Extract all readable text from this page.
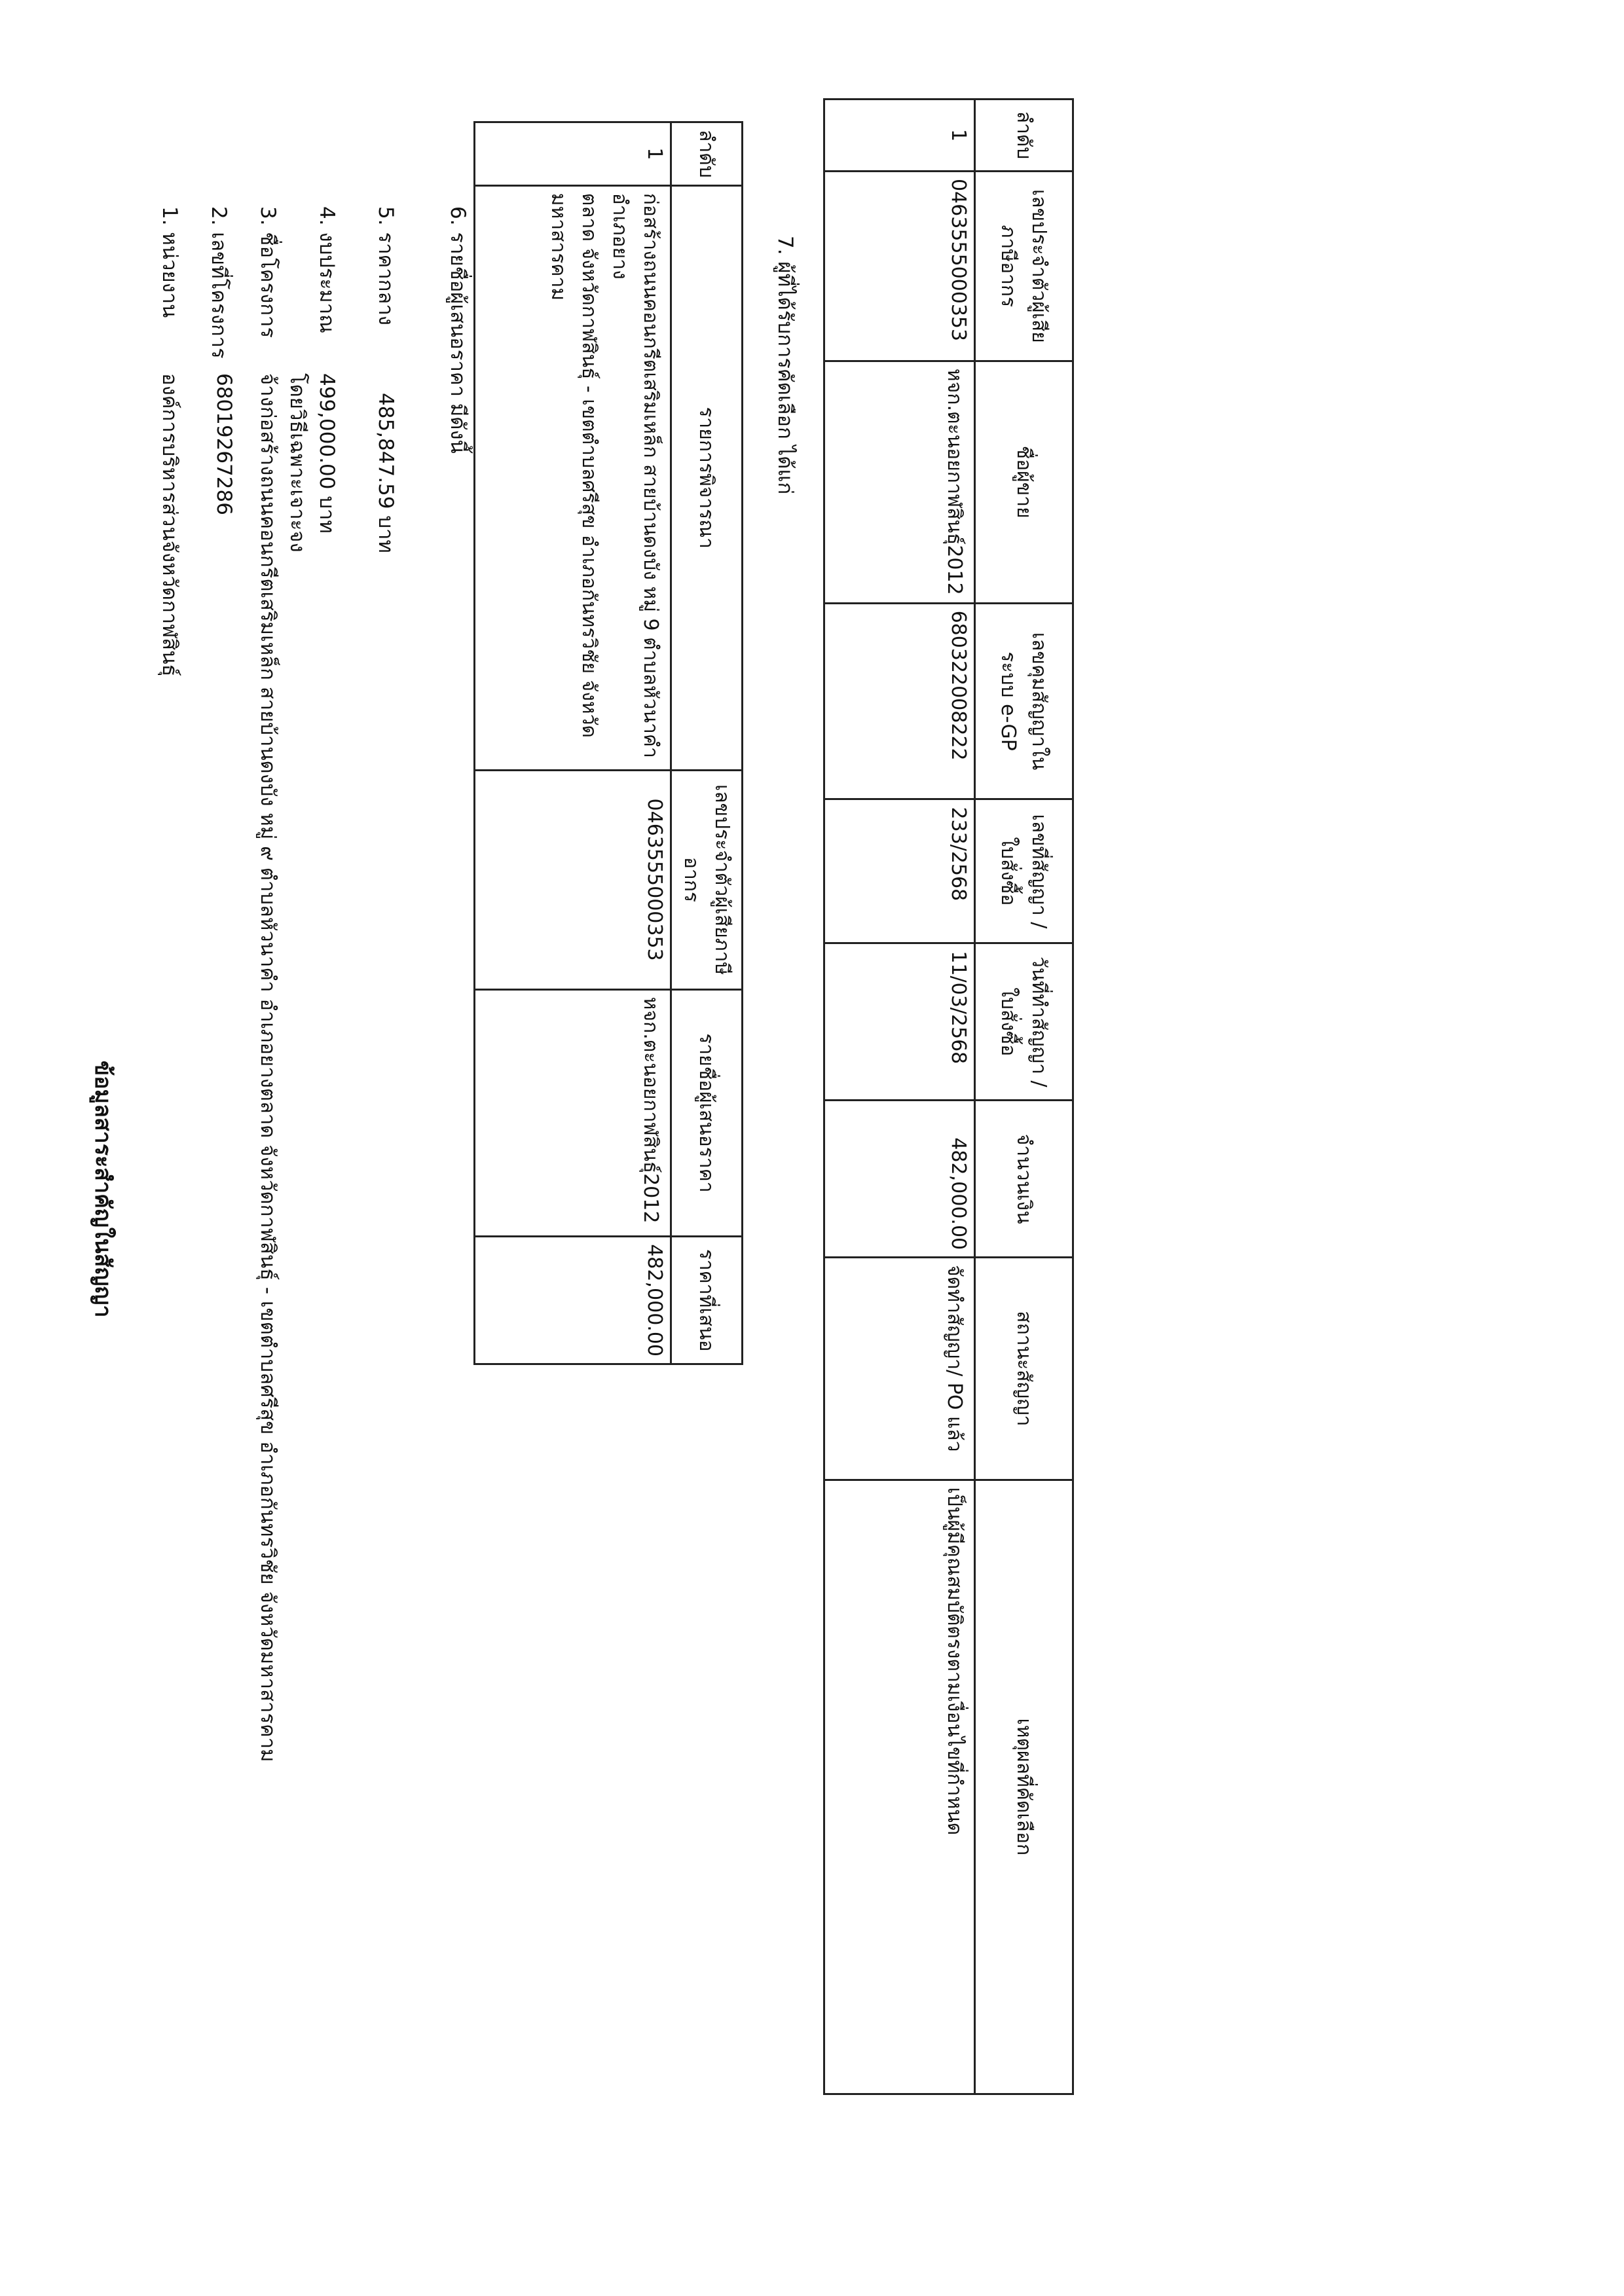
ข้อมูลสาระสำคัญในสัญญา
1. หน่วยงาน
องค์การบริหารส่วนจังหวัดกาฬสินธุ์
2. เลขที่โครงการ
68019267286
3. ชื่อโครงการ
จ้างก่อสร้างถนนคอนกรีตเสริมเหล็ก สายบ้านดงบัง หมู่ ๙ ตำบลหัวนาคำ อำเภอยางตลาด จังหวัดกาฬสินธุ์ - เขตตำบลศรีสุข อำเภอกันทรวิชัย จังหวัดมหาสารคาม โดยวิธีเฉพาะเจาะจง
4. งบประมาณ
499,000.00 บาท
5. ราคากลาง
485,847.59 บาท
6. รายชื่อผู้เสนอราคา มีดังนี้
ลำดับ	รายการพิจารณา	เลขประจำตัวผู้เสียภาษีอากร	รายชื่อผู้เสนอราคา	ราคาที่เสนอ
1	ก่อสร้างถนนคอนกรีตเสริมเหล็ก สายบ้านดงบัง หมู่ 9 ตำบลหัวนาคำ อำเภอยาง
ตลาด จังหวัดกาฬสินธุ์ - เขตตำบลศรีสุข อำเภอกันทรวิชัย จังหวัดมหาสารคาม	0463555000353	หจก.ตะนอยกาฬสินธุ์2012	482,000.00
7. ผู้ที่ได้รับการคัดเลือก ได้แก่
ลำดับ	เลขประจำตัวผู้เสียภาษีอากร	ชื่อผู้ขาย	เลขคุมสัญญาในระบบ e-GP	เลขที่สัญญา / ใบสั่งซื้อ	วันที่ทำสัญญา / ใบสั่งซื้อ	จำนวนเงิน	สถานะสัญญา	เหตุผลที่คัดเลือก
1	0463555000353	หจก.ตะนอยกาฬสินธุ์2012	680322008222	233/2568	11/03/2568	482,000.00	จัดทำสัญญา/ PO แล้ว	เป็นผู้มีคุณสมบัติตรงตามเงื่อนไขที่กำหนด
